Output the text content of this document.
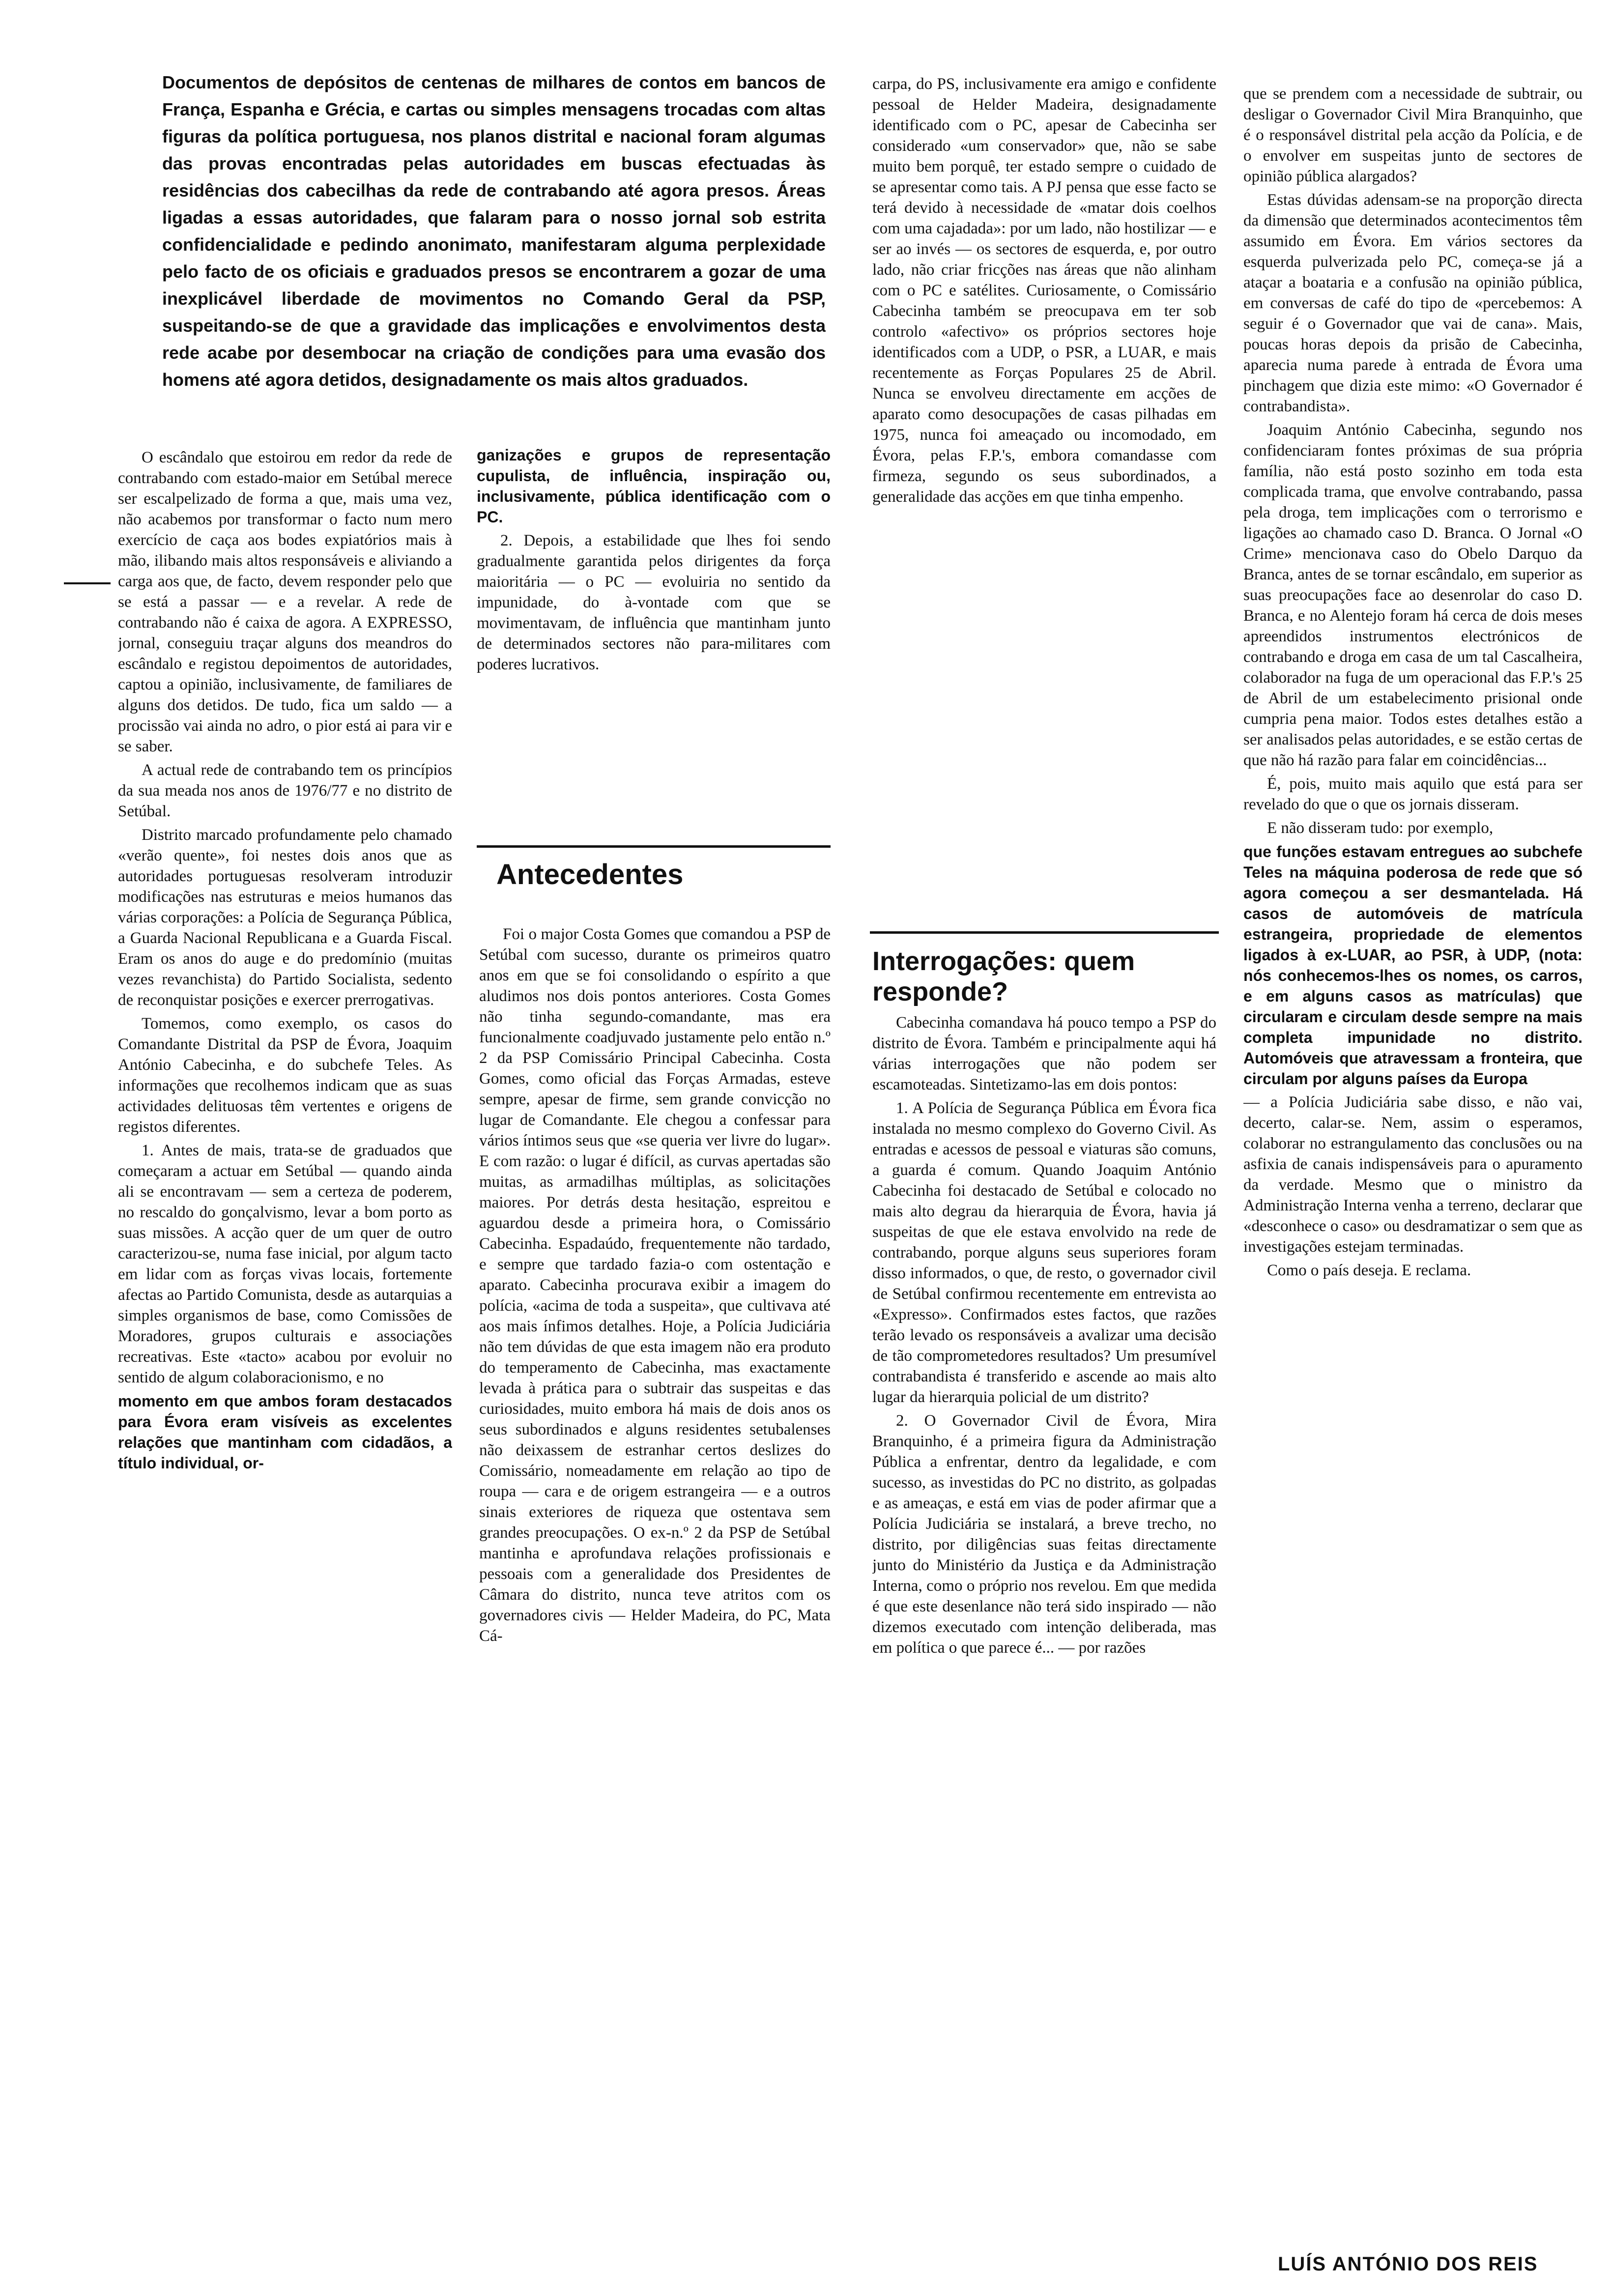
Documentos de depósitos de centenas de milhares de contos em bancos de França, Espanha e Grécia, e cartas ou simples mensagens trocadas com altas figuras da política portuguesa, nos planos distrital e nacional foram algumas das provas encontradas pelas autoridades em buscas efectuadas às residências dos cabecilhas da rede de contrabando até agora presos. Áreas ligadas a essas autoridades, que falaram para o nosso jornal sob estrita confidencialidade e pedindo anonimato, manifestaram alguma perplexidade pelo facto de os oficiais e graduados presos se encontrarem a gozar de uma inexplicável liberdade de movimentos no Comando Geral da PSP, suspeitando-se de que a gravidade das implicações e envolvimentos desta rede acabe por desembocar na criação de condições para uma evasão dos homens até agora detidos, designadamente os mais altos graduados.

O escândalo que estoirou em redor da rede de contrabando com estado-maior em Setúbal merece ser escalpelizado de forma a que, mais uma vez, não acabemos por transformar o facto num mero exercício de caça aos bodes expiatórios mais à mão, ilibando mais altos responsáveis e aliviando a carga aos que, de facto, devem responder pelo que se está a passar — e a revelar. A rede de contrabando não é caixa de agora. A EXPRESSO, jornal, conseguiu traçar alguns dos meandros do escândalo e registou depoimentos de autoridades, captou a opinião, inclusivamente, de familiares de alguns dos detidos. De tudo, fica um saldo — a procissão vai ainda no adro, o pior está ai para vir e se saber.

A actual rede de contrabando tem os princípios da sua meada nos anos de 1976/77 e no distrito de Setúbal.

Distrito marcado profundamente pelo chamado «verão quente», foi nestes dois anos que as autoridades portuguesas resolveram introduzir modificações nas estruturas e meios humanos das várias corporações: a Polícia de Segurança Pública, a Guarda Nacional Republicana e a Guarda Fiscal. Eram os anos do auge e do predomínio (muitas vezes revanchista) do Partido Socialista, sedento de reconquistar posições e exercer prerrogativas.

Tomemos, como exemplo, os casos do Comandante Distrital da PSP de Évora, Joaquim António Cabecinha, e do subchefe Teles. As informações que recolhemos indicam que as suas actividades delituosas têm vertentes e origens de registos diferentes.

1. Antes de mais, trata-se de graduados que começaram a actuar em Setúbal — quando ainda ali se encontravam — sem a certeza de poderem, no rescaldo do gonçalvismo, levar a bom porto as suas missões. A acção quer de um quer de outro caracterizou-se, numa fase inicial, por algum tacto em lidar com as forças vivas locais, fortemente afectas ao Partido Comunista, desde as autarquias a simples organismos de base, como Comissões de Moradores, grupos culturais e associações recreativas. Este «tacto» acabou por evoluir no sentido de algum colaboracionismo, e no

momento em que ambos foram destacados para Évora eram visíveis as excelentes relações que mantinham com cidadãos, a título individual, or-

ganizações e grupos de representação cupulista, de influência, inspiração ou, inclusivamente, pública identificação com o PC.

2. Depois, a estabilidade que lhes foi sendo gradualmente garantida pelos dirigentes da força maioritária — o PC — evoluiria no sentido da impunidade, do à-vontade com que se movimentavam, de influência que mantinham junto de determinados sectores não para-militares com poderes lucrativos.

Antecedentes

Foi o major Costa Gomes que comandou a PSP de Setúbal com sucesso, durante os primeiros quatro anos em que se foi consolidando o espírito a que aludimos nos dois pontos anteriores. Costa Gomes não tinha segundo-comandante, mas era funcionalmente coadjuvado justamente pelo então n.º 2 da PSP Comissário Principal Cabecinha. Costa Gomes, como oficial das Forças Armadas, esteve sempre, apesar de firme, sem grande convicção no lugar de Comandante. Ele chegou a confessar para vários íntimos seus que «se queria ver livre do lugar». E com razão: o lugar é difícil, as curvas apertadas são muitas, as armadilhas múltiplas, as solicitações maiores. Por detrás desta hesitação, espreitou e aguardou desde a primeira hora, o Comissário Cabecinha. Espadaúdo, frequentemente não tardado, e sempre que tardado fazia-o com ostentação e aparato. Cabecinha procurava exibir a imagem do polícia, «acima de toda a suspeita», que cultivava até aos mais ínfimos detalhes. Hoje, a Polícia Judiciária não tem dúvidas de que esta imagem não era produto do temperamento de Cabecinha, mas exactamente levada à prática para o subtrair das suspeitas e das curiosidades, muito embora há mais de dois anos os seus subordinados e alguns residentes setubalenses não deixassem de estranhar certos deslizes do Comissário, nomeadamente em relação ao tipo de roupa — cara e de origem estrangeira — e a outros sinais exteriores de riqueza que ostentava sem grandes preocupações. O ex-n.º 2 da PSP de Setúbal mantinha e aprofundava relações profissionais e pessoais com a generalidade dos Presidentes de Câmara do distrito, nunca teve atritos com os governadores civis — Helder Madeira, do PC, Mata Cá-

carpa, do PS, inclusivamente era amigo e confidente pessoal de Helder Madeira, designadamente identificado com o PC, apesar de Cabecinha ser considerado «um conservador» que, não se sabe muito bem porquê, ter estado sempre o cuidado de se apresentar como tais. A PJ pensa que esse facto se terá devido à necessidade de «matar dois coelhos com uma cajadada»: por um lado, não hostilizar — e ser ao invés — os sectores de esquerda, e, por outro lado, não criar fricções nas áreas que não alinham com o PC e satélites. Curiosamente, o Comissário Cabecinha também se preocupava em ter sob controlo «afectivo» os próprios sectores hoje identificados com a UDP, o PSR, a LUAR, e mais recentemente as Forças Populares 25 de Abril. Nunca se envolveu directamente em acções de aparato como desocupações de casas pilhadas em 1975, nunca foi ameaçado ou incomodado, em Évora, pelas F.P.'s, embora comandasse com firmeza, segundo os seus subordinados, a generalidade das acções em que tinha empenho.

Interrogações: quem responde?

Cabecinha comandava há pouco tempo a PSP do distrito de Évora. Também e principalmente aqui há várias interrogações que não podem ser escamoteadas. Sintetizamo-las em dois pontos:

1. A Polícia de Segurança Pública em Évora fica instalada no mesmo complexo do Governo Civil. As entradas e acessos de pessoal e viaturas são comuns, a guarda é comum. Quando Joaquim António Cabecinha foi destacado de Setúbal e colocado no mais alto degrau da hierarquia de Évora, havia já suspeitas de que ele estava envolvido na rede de contrabando, porque alguns seus superiores foram disso informados, o que, de resto, o governador civil de Setúbal confirmou recentemente em entrevista ao «Expresso». Confirmados estes factos, que razões terão levado os responsáveis a avalizar uma decisão de tão comprometedores resultados? Um presumível contrabandista é transferido e ascende ao mais alto lugar da hierarquia policial de um distrito?

2. O Governador Civil de Évora, Mira Branquinho, é a primeira figura da Administração Pública a enfrentar, dentro da legalidade, e com sucesso, as investidas do PC no distrito, as golpadas e as ameaças, e está em vias de poder afirmar que a Polícia Judiciária se instalará, a breve trecho, no distrito, por diligências suas feitas directamente junto do Ministério da Justiça e da Administração Interna, como o próprio nos revelou. Em que medida é que este desenlance não terá sido inspirado — não dizemos executado com intenção deliberada, mas em política o que parece é... — por razões

que se prendem com a necessidade de subtrair, ou desligar o Governador Civil Mira Branquinho, que é o responsável distrital pela acção da Polícia, e de o envolver em suspeitas junto de sectores de opinião pública alargados?

Estas dúvidas adensam-se na proporção directa da dimensão que determinados acontecimentos têm assumido em Évora. Em vários sectores da esquerda pulverizada pelo PC, começa-se já a ataçar a boataria e a confusão na opinião pública, em conversas de café do tipo de «percebemos: A seguir é o Governador que vai de cana». Mais, poucas horas depois da prisão de Cabecinha, aparecia numa parede à entrada de Évora uma pinchagem que dizia este mimo: «O Governador é contrabandista».

Joaquim António Cabecinha, segundo nos confidenciaram fontes próximas de sua própria família, não está posto sozinho em toda esta complicada trama, que envolve contrabando, passa pela droga, tem implicações com o terrorismo e ligações ao chamado caso D. Branca. O Jornal «O Crime» mencionava caso do Obelo Darquo da Branca, antes de se tornar escândalo, em superior as suas preocupações face ao desenrolar do caso D. Branca, e no Alentejo foram há cerca de dois meses apreendidos instrumentos electrónicos de contrabando e droga em casa de um tal Cascalheira, colaborador na fuga de um operacional das F.P.'s 25 de Abril de um estabelecimento prisional onde cumpria pena maior. Todos estes detalhes estão a ser analisados pelas autoridades, e se estão certas de que não há razão para falar em coincidências...

É, pois, muito mais aquilo que está para ser revelado do que o que os jornais disseram.

E não disseram tudo: por exemplo,

que funções estavam entregues ao subchefe Teles na máquina poderosa de rede que só agora começou a ser desmantelada. Há casos de automóveis de matrícula estrangeira, propriedade de elementos ligados à ex-LUAR, ao PSR, à UDP, (nota: nós conhecemos-lhes os nomes, os carros, e em alguns casos as matrículas) que circularam e circulam desde sempre na mais completa impunidade no distrito. Automóveis que atravessam a fronteira, que circulam por alguns países da Europa

— a Polícia Judiciária sabe disso, e não vai, decerto, calar-se. Nem, assim o esperamos, colaborar no estrangulamento das conclusões ou na asfixia de canais indispensáveis para o apuramento da verdade. Mesmo que o ministro da Administração Interna venha a terreno, declarar que «desconhece o caso» ou desdramatizar o sem que as investigações estejam terminadas.

Como o país deseja. E reclama.

LUÍS ANTÓNIO DOS REIS
